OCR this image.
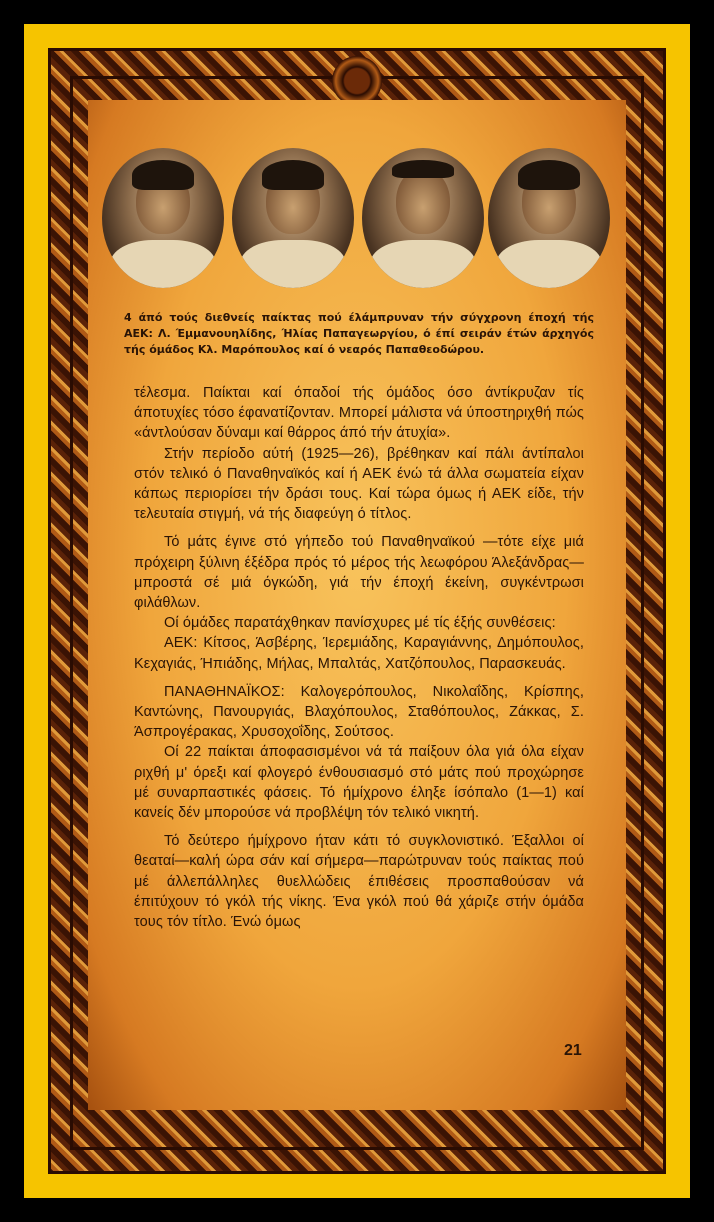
4 άπό τούς διεθνείς παίκτας πού έλάμπρυναν τήν σύγχρονη έποχή τής ΑΕΚ: Λ. Έμμανουηλίδης, Ήλίας Παπαγεωργίου, ό έπί σειράν έτών άρχηγός τής όμάδος Κλ. Μαρόπουλος καί ό νεαρός Παπαθεοδώρου.

τέλεσμα. Παίκται καί όπαδοί τής όμάδος όσο άντίκρυζαν τίς άποτυχίες τόσο έφανατίζονταν. Μπορεί μάλιστα νά ύποστηριχθή πώς «άντλούσαν δύναμι καί θάρρος άπό τήν άτυχία».

Στήν περίοδο αύτή (1925—26), βρέθηκαν καί πάλι άντίπαλοι στόν τελικό ό Παναθηναϊκός καί ή ΑΕΚ ένώ τά άλλα σωματεία είχαν κάπως περιορίσει τήν δράσι τους. Καί τώρα όμως ή ΑΕΚ είδε, τήν τελευταία στιγμή, νά τής διαφεύγη ό τίτλος.

Τό μάτς έγινε στό γήπεδο τού Παναθηναϊκού —τότε είχε μιά πρόχειρη ξύλινη έξέδρα πρός τό μέρος τής λεωφόρου Άλεξάνδρας— μπροστά σέ μιά όγκώδη, γιά τήν έποχή έκείνη, συγκέντρωσι φιλάθλων.

Οί όμάδες παρατάχθηκαν πανίσχυρες μέ τίς έξής συνθέσεις:

ΑΕΚ: Κίτσος, Άσβέρης, Ίερεμιάδης, Καραγιάννης, Δημόπουλος, Κεχαγιάς, Ήπιάδης, Μήλας, Μπαλτάς, Χατζόπουλος, Παρασκευάς.

ΠΑΝΑΘΗΝΑΪΚΟΣ: Καλογερόπουλος, Νικολαΐδης, Κρίσπης, Καντώνης, Πανουργιάς, Βλαχόπουλος, Σταθόπουλος, Ζάκκας, Σ. Άσπρογέρακας, Χρυσοχοΐδης, Σούτσος.

Οί 22 παίκται άποφασισμένοι νά τά παίξουν όλα γιά όλα είχαν ριχθή μ' όρεξι καί φλογερό ένθουσιασμό στό μάτς πού προχώρησε μέ συναρπαστικές φάσεις. Τό ήμίχρονο έληξε ίσόπαλο (1—1) καί κανείς δέν μπορούσε νά προβλέψη τόν τελικό νικητή.

Τό δεύτερο ήμίχρονο ήταν κάτι τό συγκλονιστικό. Έξαλλοι οί θεαταί—καλή ώρα σάν καί σήμερα—παρώτρυναν τούς παίκτας πού μέ άλλεπάλληλες θυελλώδεις έπιθέσεις προσπαθούσαν νά έπιτύχουν τό γκόλ τής νίκης. Ένα γκόλ πού θά χάριζε στήν όμάδα τους τόν τίτλο. Ένώ όμως

21
